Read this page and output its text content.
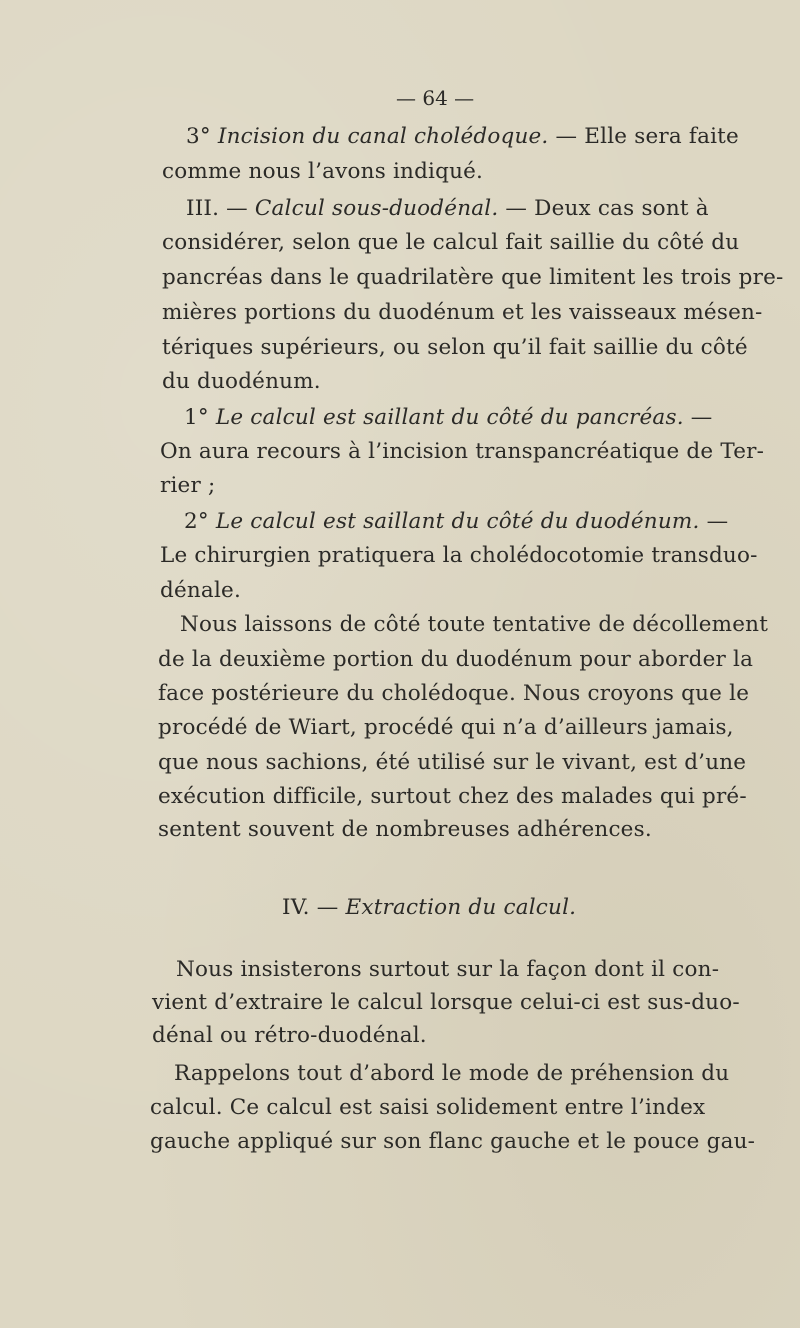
— 64 —
3° Incision du canal cholédoque. — Elle sera faite
comme nous l’avons indiqué.
III. — Calcul sous-duodénal. — Deux cas sont à
considérer, selon que le calcul fait saillie du côté du
pancréas dans le quadrilatère que limitent les trois pre-
mières portions du duodénum et les vaisseaux mésen-
tériques supérieurs, ou selon qu’il fait saillie du côté
du duodénum.
1° Le calcul est saillant du côté du pancréas. —
On aura recours à l’incision transpancréatique de Ter-
rier ;
2° Le calcul est saillant du côté du duodénum. —
Le chirurgien pratiquera la cholédocotomie transduo-
dénale.
Nous laissons de côté toute tentative de décollement
de la deuxième portion du duodénum pour aborder la
face postérieure du cholédoque. Nous croyons que le
procédé de Wiart, procédé qui n’a d’ailleurs jamais,
que nous sachions, été utilisé sur le vivant, est d’une
exécution difficile, surtout chez des malades qui pré-
sentent souvent de nombreuses adhérences.
IV. — Extraction du calcul.
Nous insisterons surtout sur la façon dont il con-
vient d’extraire le calcul lorsque celui-ci est sus-duo-
dénal ou rétro-duodénal.
Rappelons tout d’abord le mode de préhension du
calcul. Ce calcul est saisi solidement entre l’index
gauche appliqué sur son flanc gauche et le pouce gau-
